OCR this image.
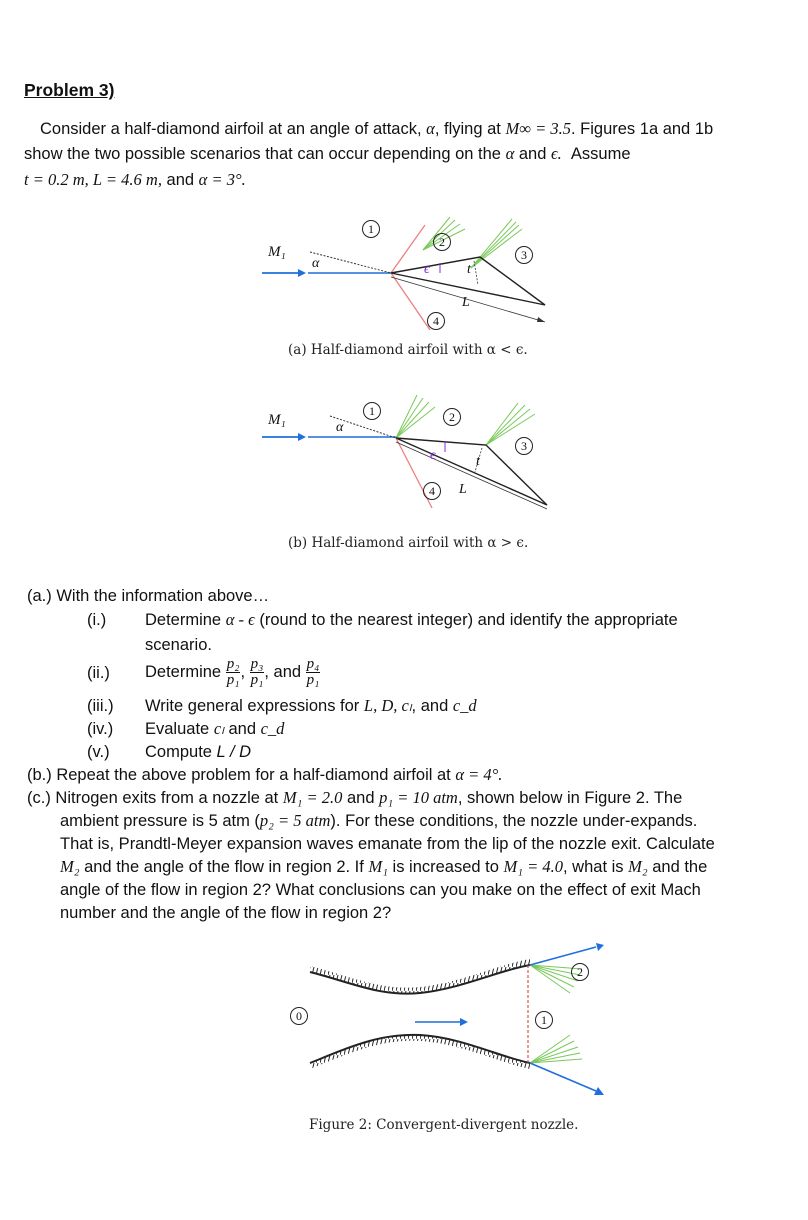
Problem 3)
Consider a half-diamond airfoil at an angle of attack, α, flying at M∞ = 3.5. Figures 1a and 1b
show the two possible scenarios that can occur depending on the α and ϵ. Assume
t = 0.2 m, L = 4.6 m, and α = 3°.
M₁
α	ϵ	t
L
1
2
3
4
(a) Half-diamond airfoil with α < ϵ.
M₁	α
ϵ	t
L
1	2
3
4
(b) Half-diamond airfoil with α > ϵ.
(a.) With the information above…
(i.) Determine α - ϵ (round to the nearest integer) and identify the appropriate
scenario.
(ii.) Determine $\frac{\text{p₂}}{\text{p₁}}$ , $\frac{\text{p₃}}{\text{p₁}}$ , and $\frac{\text{p₄}}{\text{p₁}}$
(iii.) Write general expressions for L, D, cₗ, and c_d
(iv.) Evaluate cₗ and c_d
(v.) Compute L / D
(b.) Repeat the above problem for a half-diamond airfoil at α = 4°.
(c.) Nitrogen exits from a nozzle at M₁ = 2.0 and p₁ = 10 atm, shown below in Figure 2. The
ambient pressure is 5 atm (p₂ = 5 atm). For these conditions, the nozzle under-expands.
That is, Prandtl-Meyer expansion waves emanate from the lip of the nozzle exit. Calculate
M₂ and the angle of the flow in region 2. If M₁ is increased to M₁ = 4.0, what is M₂ and the
angle of the flow in region 2? What conclusions can you make on the effect of exit Mach
number and the angle of the flow in region 2?
0	1
2
Figure 2: Convergent-divergent nozzle.
